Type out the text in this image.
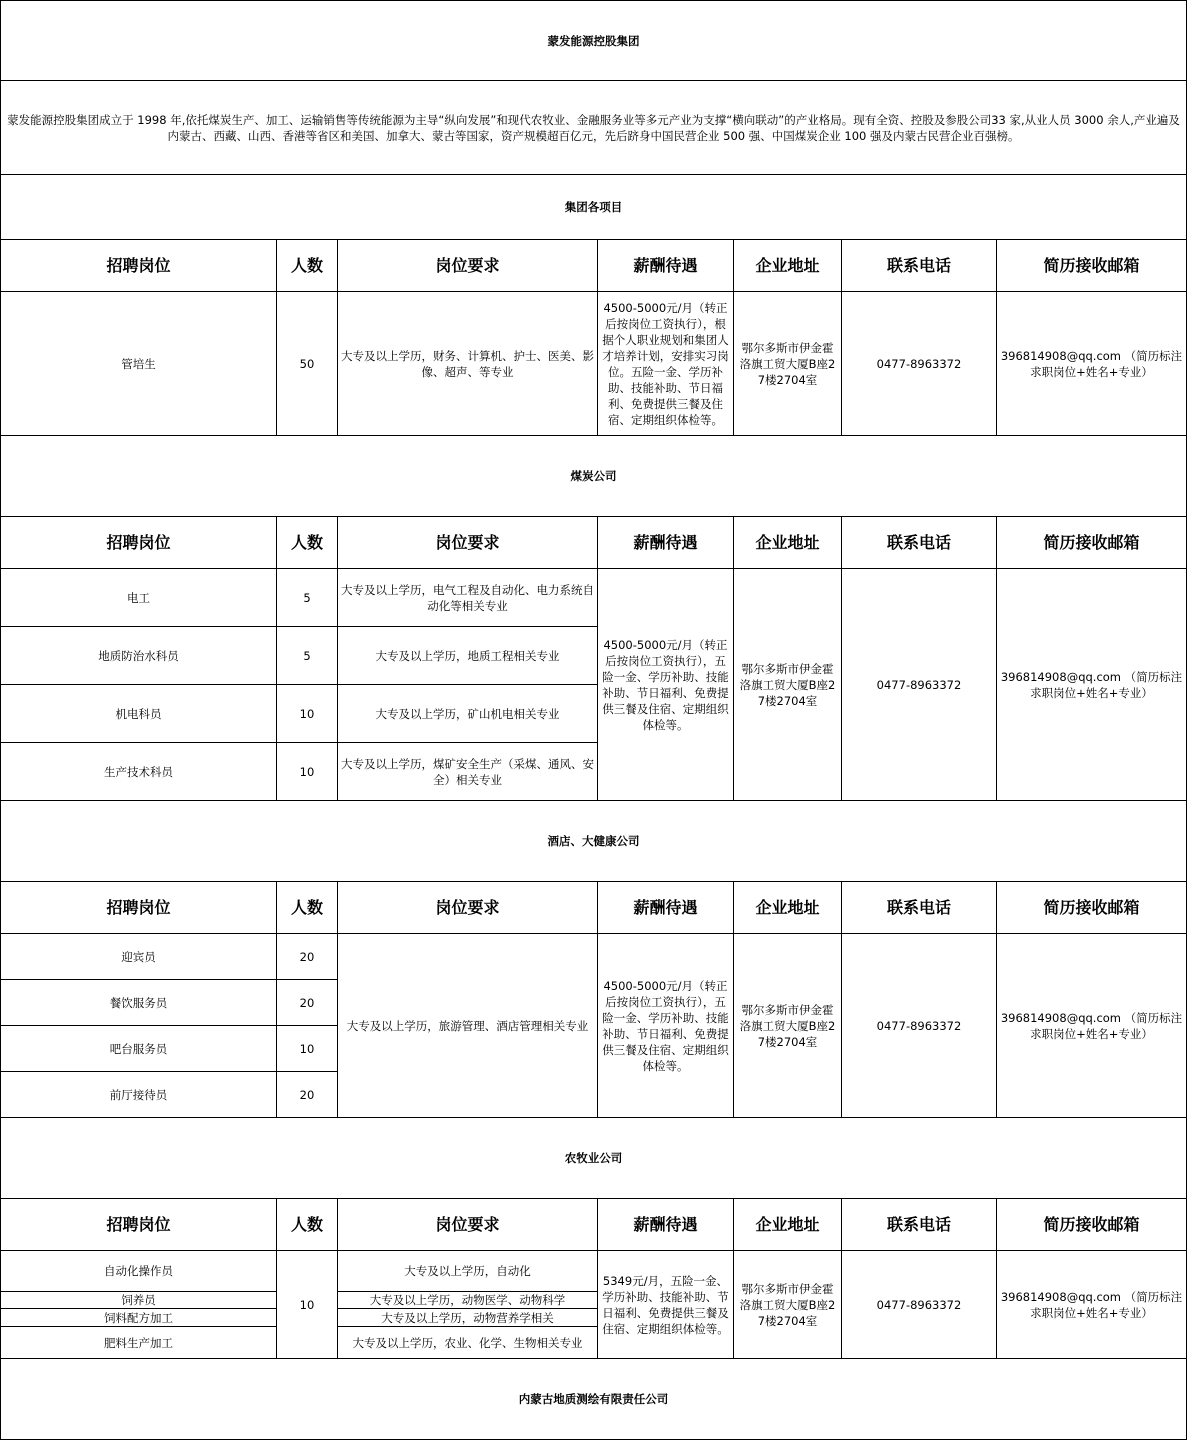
蒙发能源控股集团						
蒙发能源控股集团成立于 1998 年,依托煤炭生产、加工、运输销售等传统能源为主导“纵向发展”和现代农牧业、金融服务业等多元产业为支撑“横向联动”的产业格局。现有全资、控股及参股公司33 家,从业人员 3000 余人,产业遍及内蒙古、西藏、山西、香港等省区和美国、加拿大、蒙古等国家，资产规模超百亿元，先后跻身中国民营企业 500 强、中国煤炭企业 100 强及内蒙古民营企业百强榜。						
集团各项目						
招聘岗位	人数	岗位要求	薪酬待遇	企业地址	联系电话	简历接收邮箱
管培生	50	大专及以上学历，财务、计算机、护士、医美、影像、超声、等专业	4500-5000元/月（转正后按岗位工资执行），根据个人职业规划和集团人才培养计划，安排实习岗位。五险一金、学历补助、技能补助、节日福利、免费提供三餐及住宿、定期组织体检等。	鄂尔多斯市伊金霍洛旗工贸大厦B座27楼2704室	0477-8963372	396814908@qq.com （简历标注求职岗位+姓名+专业）
煤炭公司						
招聘岗位	人数	岗位要求	薪酬待遇	企业地址	联系电话	简历接收邮箱
电工	5	大专及以上学历，电气工程及自动化、电力系统自动化等相关专业	4500-5000元/月（转正后按岗位工资执行），五险一金、学历补助、技能补助、节日福利、免费提供三餐及住宿、定期组织体检等。	鄂尔多斯市伊金霍洛旗工贸大厦B座27楼2704室	0477-8963372	396814908@qq.com （简历标注求职岗位+姓名+专业）
地质防治水科员	5	大专及以上学历，地质工程相关专业				
机电科员	10	大专及以上学历，矿山机电相关专业				
生产技术科员	10	大专及以上学历，煤矿安全生产（采煤、通风、安全）相关专业				
酒店、大健康公司						
招聘岗位	人数	岗位要求	薪酬待遇	企业地址	联系电话	简历接收邮箱
迎宾员	20	大专及以上学历，旅游管理、酒店管理相关专业	4500-5000元/月（转正后按岗位工资执行），五险一金、学历补助、技能补助、节日福利、免费提供三餐及住宿、定期组织体检等。	鄂尔多斯市伊金霍洛旗工贸大厦B座27楼2704室	0477-8963372	396814908@qq.com （简历标注求职岗位+姓名+专业）
餐饮服务员	20					
吧台服务员	10					
前厅接待员	20					
农牧业公司						
招聘岗位	人数	岗位要求	薪酬待遇	企业地址	联系电话	简历接收邮箱
自动化操作员	10	大专及以上学历，自动化	5349元/月，五险一金、学历补助、技能补助、节日福利、免费提供三餐及住宿、定期组织体检等。	鄂尔多斯市伊金霍洛旗工贸大厦B座27楼2704室	0477-8963372	396814908@qq.com （简历标注求职岗位+姓名+专业）
饲养员		大专及以上学历，动物医学、动物科学				
饲料配方加工		大专及以上学历，动物营养学相关				
肥料生产加工		大专及以上学历，农业、化学、生物相关专业				
内蒙古地质测绘有限责任公司						
